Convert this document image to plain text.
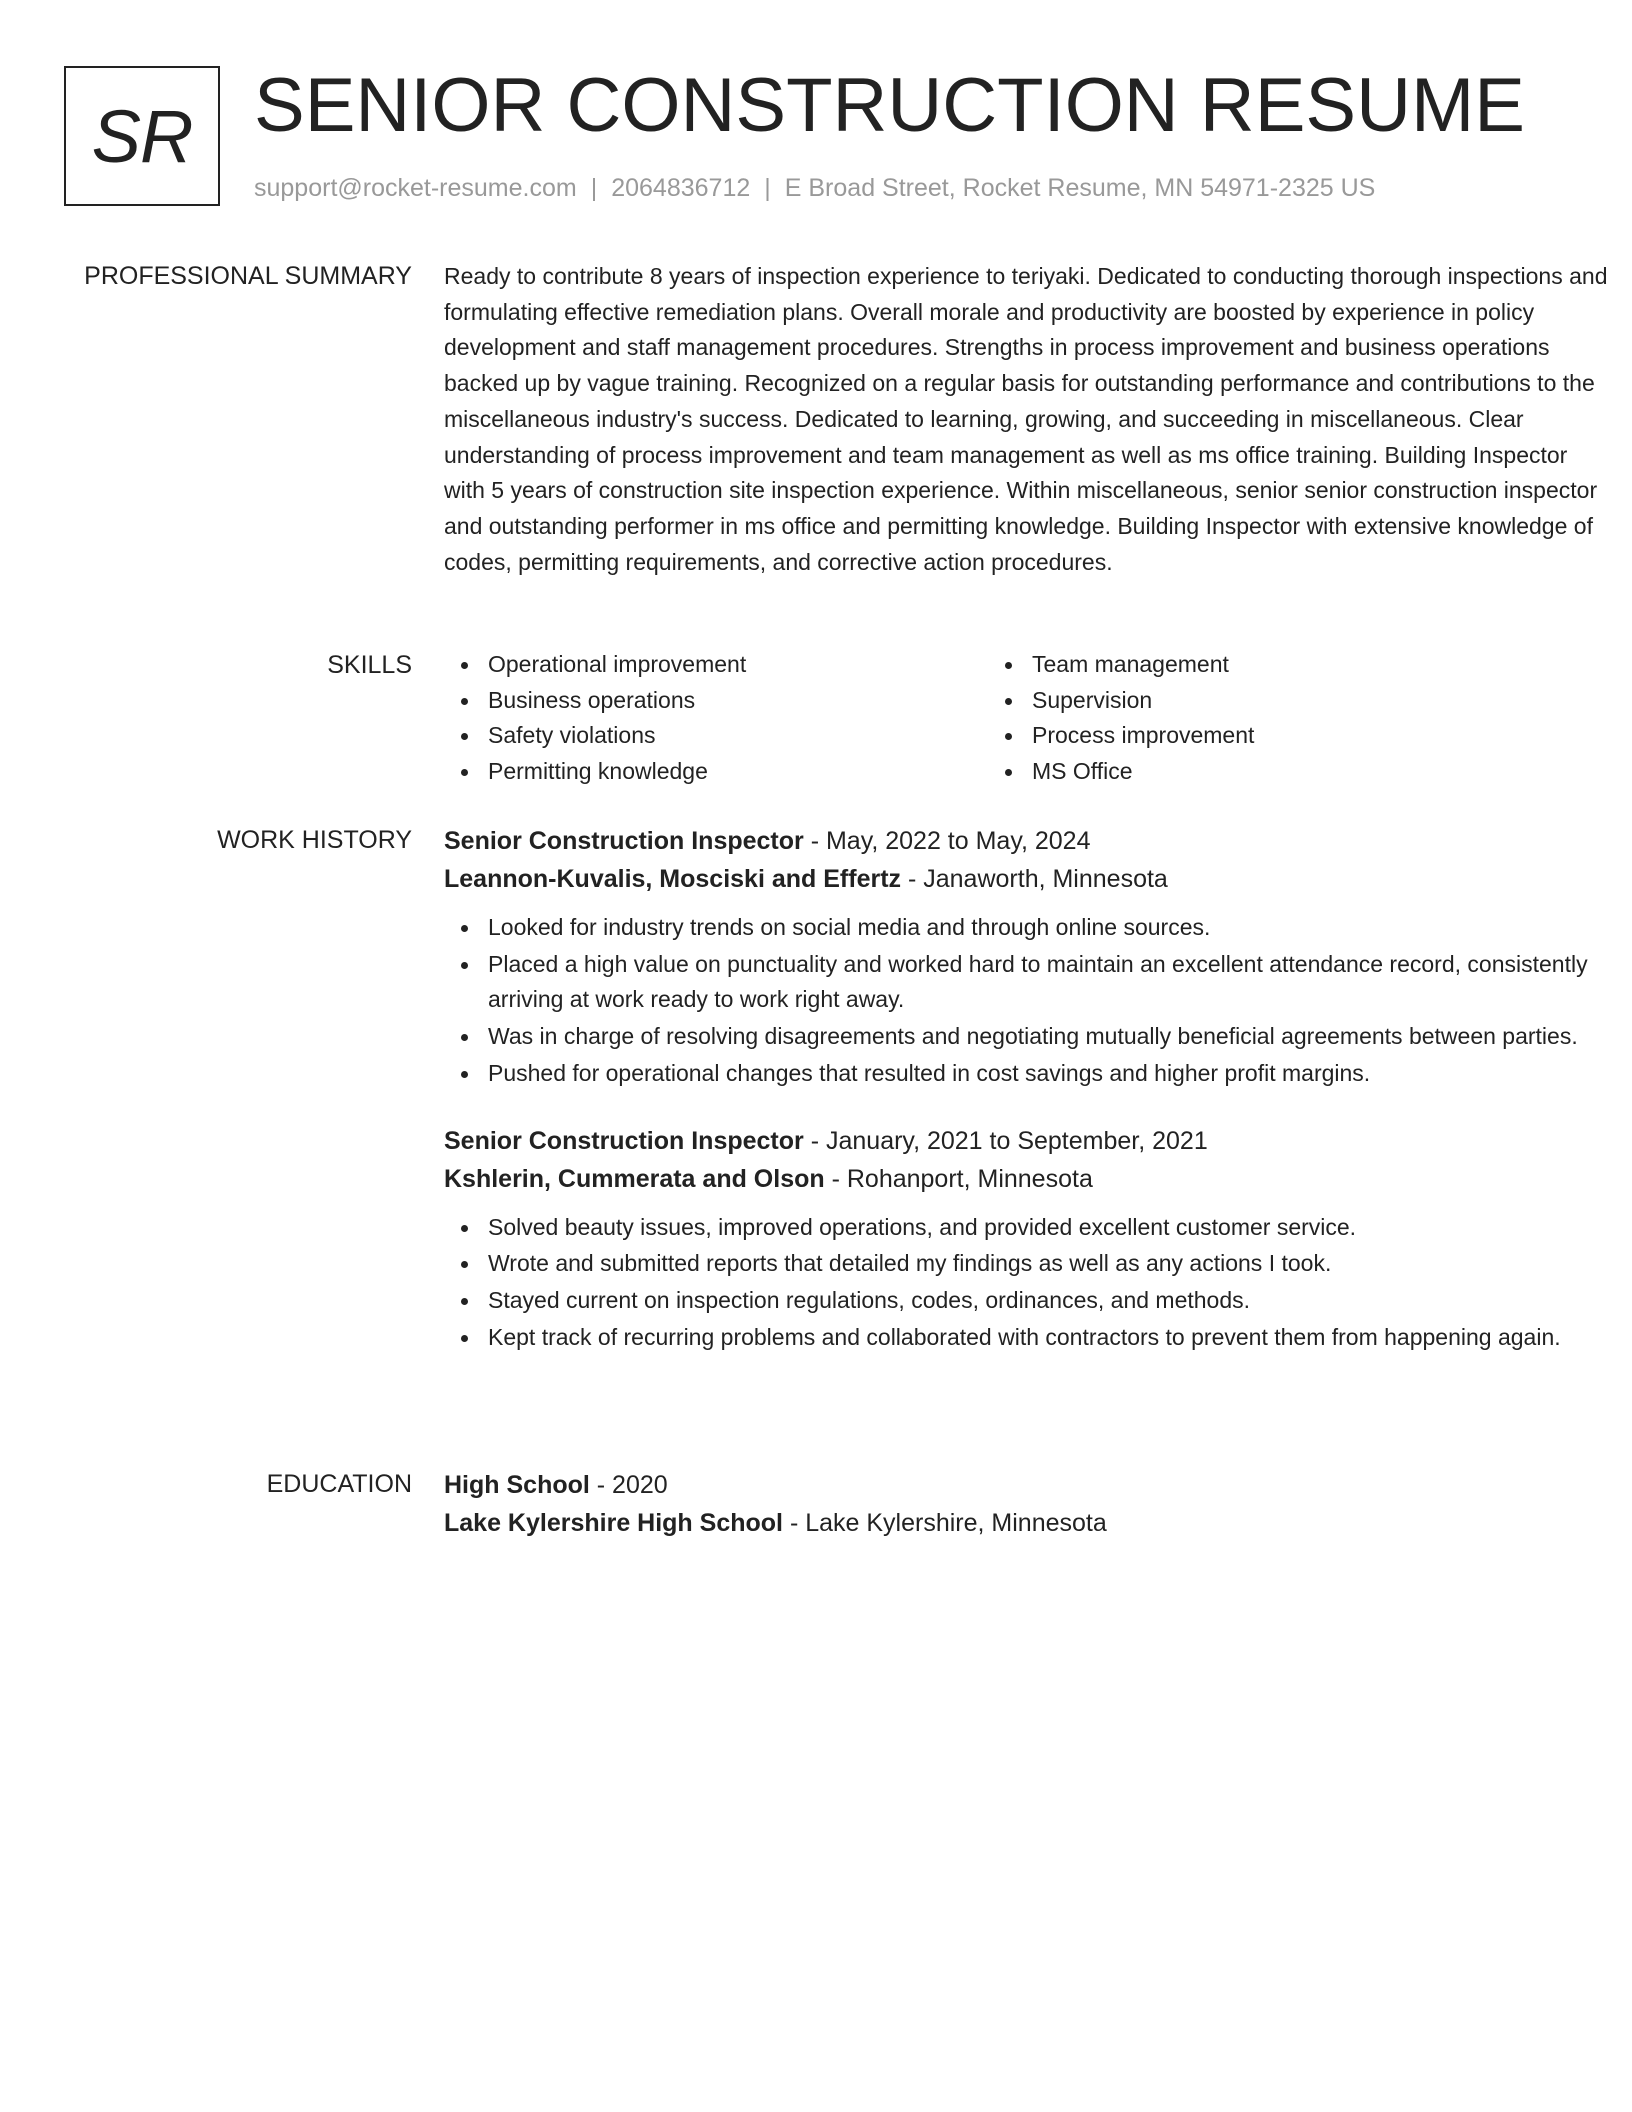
SR SENIOR CONSTRUCTION RESUME
support@rocket-resume.com | 2064836712 | E Broad Street, Rocket Resume, MN 54971-2325 US
PROFESSIONAL SUMMARY Ready to contribute 8 years of inspection experience to teriyaki. Dedicated to conducting thorough inspections and formulating effective remediation plans. Overall morale and productivity are boosted by experience in policy development and staff management procedures. Strengths in process improvement and business operations backed up by vague training. Recognized on a regular basis for outstanding performance and contributions to the miscellaneous industry's success. Dedicated to learning, growing, and succeeding in miscellaneous. Clear understanding of process improvement and team management as well as ms office training. Building Inspector with 5 years of construction site inspection experience. Within miscellaneous, senior senior construction inspector and outstanding performer in ms office and permitting knowledge. Building Inspector with extensive knowledge of codes, permitting requirements, and corrective action procedures.

SKILLS	Operational improvement
Business operations
Safety violations
Permitting knowledge
Team management
Supervision
Process improvement
MS Office
WORK HISTORY Senior Construction Inspector - May, 2022 to May, 2024
Leannon-Kuvalis, Mosciski and Effertz - Janaworth, Minnesota
Looked for industry trends on social media and through online sources.
Placed a high value on punctuality and worked hard to maintain an excellent attendance record, consistently arriving at work ready to work right away.
Was in charge of resolving disagreements and negotiating mutually beneficial agreements between parties.
Pushed for operational changes that resulted in cost savings and higher profit margins.
Senior Construction Inspector - January, 2021 to September, 2021
Kshlerin, Cummerata and Olson - Rohanport, Minnesota
Solved beauty issues, improved operations, and provided excellent customer service.
Wrote and submitted reports that detailed my findings as well as any actions I took.
Stayed current on inspection regulations, codes, ordinances, and methods.
Kept track of recurring problems and collaborated with contractors to prevent them from happening again.
EDUCATION High School - 2020
Lake Kylershire High School - Lake Kylershire, Minnesota
